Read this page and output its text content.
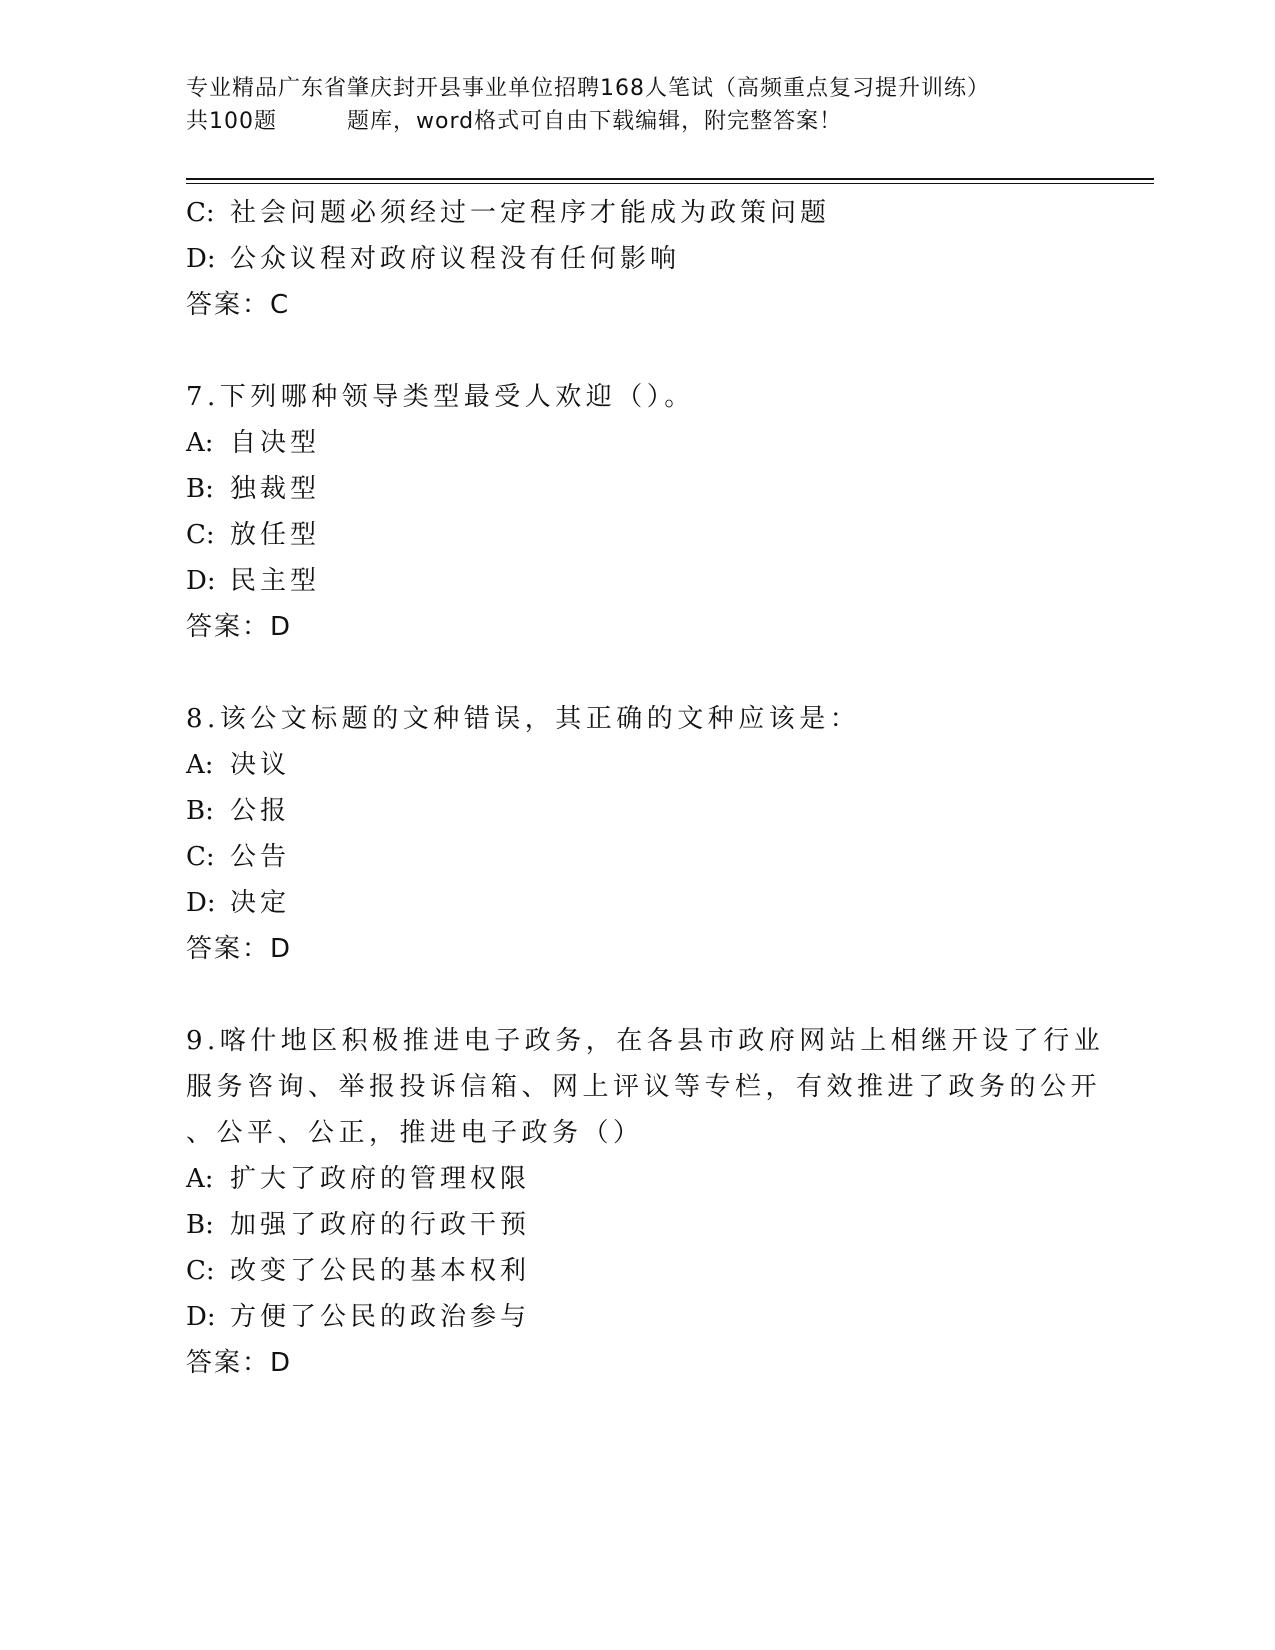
专业精品广东省肇庆封开县事业单位招聘168人笔试（高频重点复习提升训练）
共100题	题库，word格式可自由下载编辑，附完整答案！
C: 社会问题必须经过一定程序才能成为政策问题
D: 公众议程对政府议程没有任何影响
答案：C
7.下列哪种领导类型最受人欢迎（）。
A: 自决型
B: 独裁型
C: 放任型
D: 民主型
答案：D
8.该公文标题的文种错误，其正确的文种应该是：
A: 决议
B: 公报
C: 公告
D: 决定
答案：D
9.喀什地区积极推进电子政务，在各县市政府网站上相继开设了行业
服务咨询、举报投诉信箱、网上评议等专栏，有效推进了政务的公开
、公平、公正，推进电子政务（）
A: 扩大了政府的管理权限
B: 加强了政府的行政干预
C: 改变了公民的基本权利
D: 方便了公民的政治参与
答案：D
